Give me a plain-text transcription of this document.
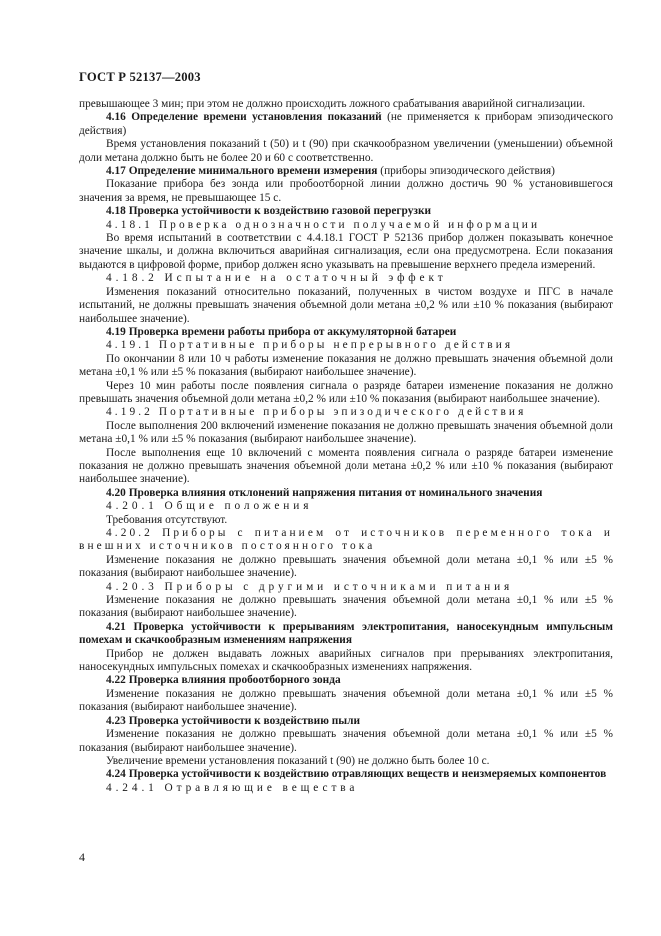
ГОСТ Р 52137—2003

превышающее 3 мин; при этом не должно происходить ложного срабатывания аварийной сигнализации.

4.16 Определение времени установления показаний (не применяется к приборам эпизодического действия)

Время установления показаний t (50) и t (90) при скачкообразном увеличении (уменьшении) объемной доли метана должно быть не более 20 и 60 с соответственно.

4.17 Определение минимального времени измерения (приборы эпизодического действия)

Показание прибора без зонда или пробоотборной линии должно достичь 90 % установившегося значения за время, не превышающее 15 с.

4.18 Проверка устойчивости к воздействию газовой перегрузки

4.18.1 Проверка однозначности получаемой информации

Во время испытаний в соответствии с 4.4.18.1 ГОСТ Р 52136 прибор должен показывать конечное значение шкалы, и должна включиться аварийная сигнализация, если она предусмотрена. Если показания выдаются в цифровой форме, прибор должен ясно указывать на превышение верхнего предела измерений.

4.18.2 Испытание на остаточный эффект

Изменения показаний относительно показаний, полученных в чистом воздухе и ПГС в начале испытаний, не должны превышать значения объемной доли метана ±0,2 % или ±10 % показания (выбирают наибольшее значение).

4.19 Проверка времени работы прибора от аккумуляторной батареи

4.19.1 Портативные приборы непрерывного действия

По окончании 8 или 10 ч работы изменение показания не должно превышать значения объемной доли метана ±0,1 % или ±5 % показания (выбирают наибольшее значение).

Через 10 мин работы после появления сигнала о разряде батареи изменение показания не должно превышать значения объемной доли метана ±0,2 % или ±10 % показания (выбирают наибольшее значение).

4.19.2 Портативные приборы эпизодического действия

После выполнения 200 включений изменение показания не должно превышать значения объемной доли метана ±0,1 % или ±5 % показания (выбирают наибольшее значение).

После выполнения еще 10 включений с момента появления сигнала о разряде батареи изменение показания не должно превышать значения объемной доли метана ±0,2 % или ±10 % показания (выбирают наибольшее значение).

4.20 Проверка влияния отклонений напряжения питания от номинального значения

4.20.1 Общие положения

Требования отсутствуют.

4.20.2 Приборы с питанием от источников переменного тока и внешних источников постоянного тока

Изменение показания не должно превышать значения объемной доли метана ±0,1 % или ±5 % показания (выбирают наибольшее значение).

4.20.3 Приборы с другими источниками питания

Изменение показания не должно превышать значения объемной доли метана ±0,1 % или ±5 % показания (выбирают наибольшее значение).

4.21 Проверка устойчивости к прерываниям электропитания, наносекундным импульсным помехам и скачкообразным изменениям напряжения

Прибор не должен выдавать ложных аварийных сигналов при прерываниях электропитания, наносекундных импульсных помехах и скачкообразных изменениях напряжения.

4.22 Проверка влияния пробоотборного зонда

Изменение показания не должно превышать значения объемной доли метана ±0,1 % или ±5 % показания (выбирают наибольшее значение).

4.23 Проверка устойчивости к воздействию пыли

Изменение показания не должно превышать значения объемной доли метана ±0,1 % или ±5 % показания (выбирают наибольшее значение).

Увеличение времени установления показаний t (90) не должно быть более 10 с.

4.24 Проверка устойчивости к воздействию отравляющих веществ и неизмеряемых компонентов

4.24.1 Отравляющие вещества

4
